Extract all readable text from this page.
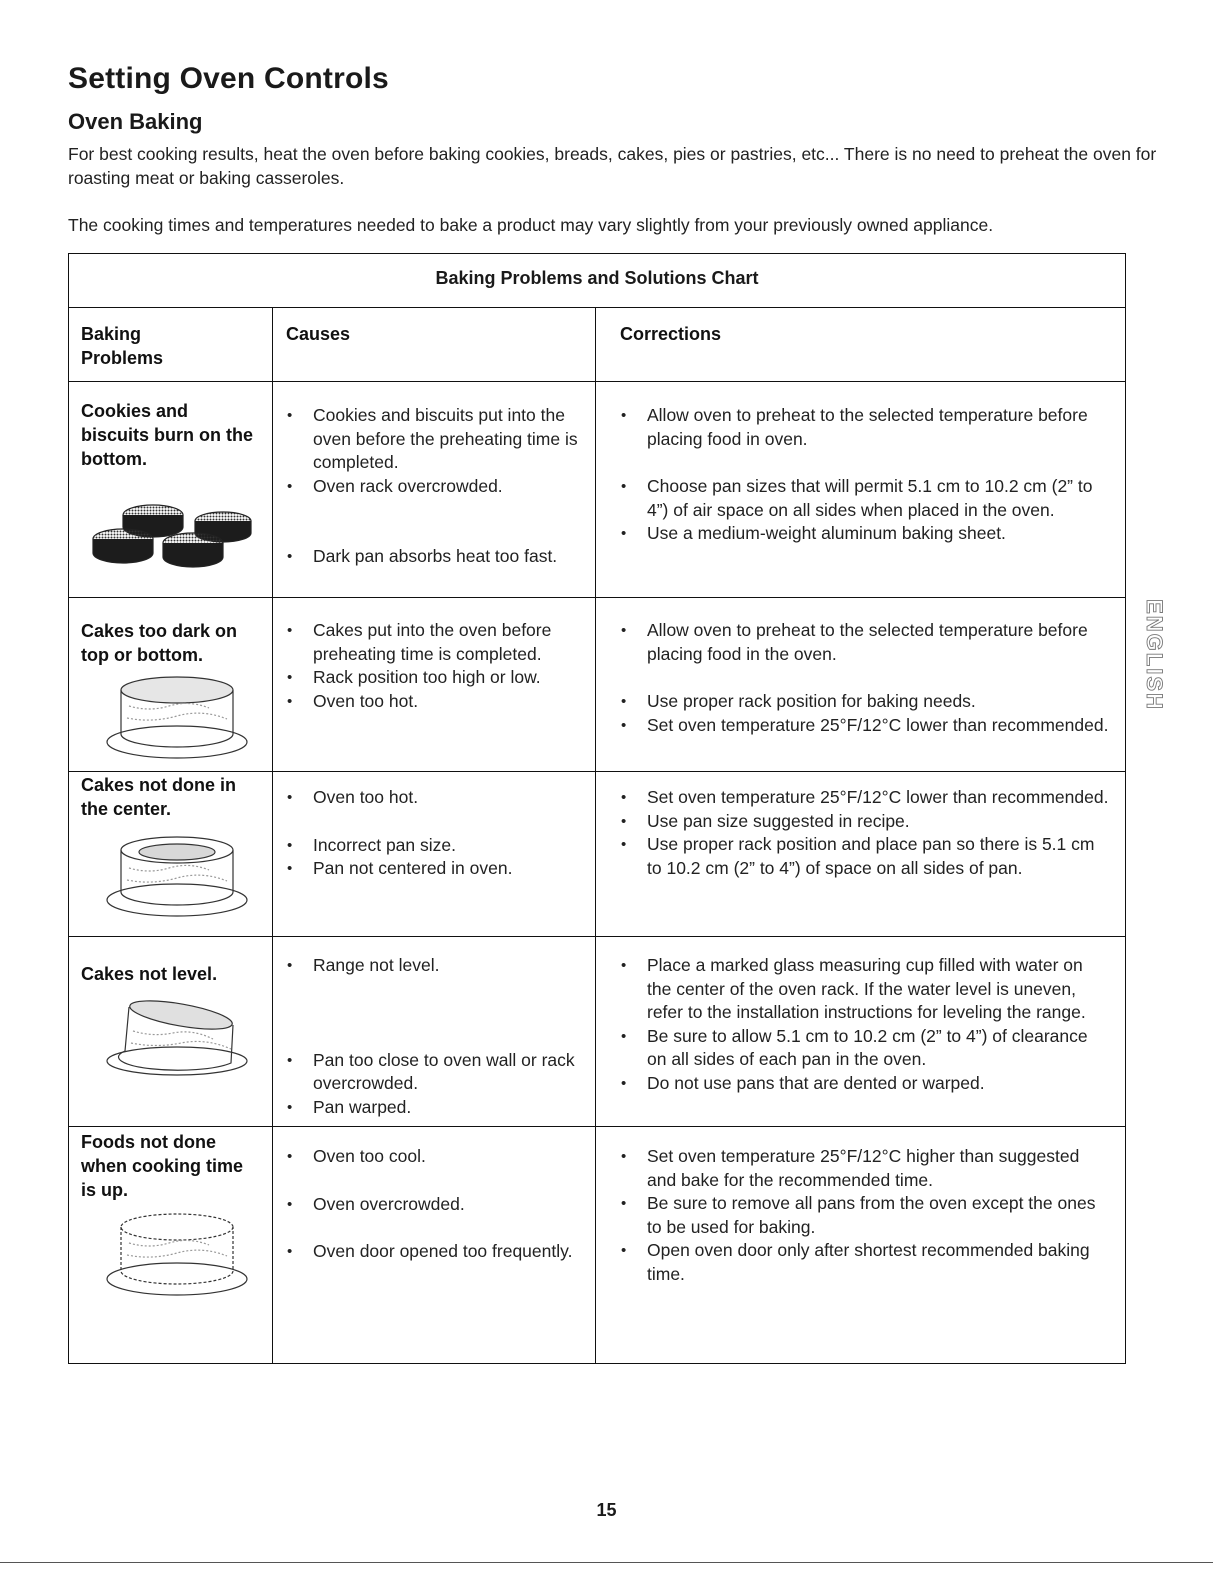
Setting Oven Controls
Oven Baking

For best cooking results, heat the oven before baking cookies, breads, cakes, pies or pastries, etc... There is no need to preheat the oven for roasting meat or baking casseroles.

The cooking times and temperatures needed to bake a product may vary slightly from your previously owned appliance.

Baking Problems and Solutions Chart
Baking Problems
Causes	Corrections
Cookies and biscuits burn on the bottom.
• Cookies and biscuits put into the oven before the preheating time is completed.
• Oven rack overcrowded.
• Dark pan absorbs heat too fast.
• Allow oven to preheat to the selected temperature before placing food in oven.
• Choose pan sizes that will permit 5.1 cm to 10.2 cm (2” to 4”) of air space on all sides when placed in the oven.
• Use a medium-weight aluminum baking sheet.
Cakes too dark on top or bottom.
• Cakes put into the oven before preheating time is completed.
• Rack position too high or low.
• Oven too hot.
• Allow oven to preheat to the selected temperature before placing food in the oven.
• Use proper rack position for baking needs.
• Set oven temperature 25°F/12°C lower than recommended.
Cakes not done in the center.
• Oven too hot.
• Incorrect pan size.
• Pan not centered in oven.
• Set oven temperature 25°F/12°C lower than recommended.
• Use pan size suggested in recipe.
• Use proper rack position and place pan so there is 5.1 cm to 10.2 cm (2” to 4”) of space on all sides of pan.
Cakes not level.
•	Range not level.
• Pan too close to oven wall or rack overcrowded.
• Pan warped.
• Place a marked glass measuring cup filled with water on the center of the oven rack. If the water level is uneven, refer to the installation instructions for leveling the range.
• Be sure to allow 5.1 cm to 10.2 cm (2” to 4”) of clearance on all sides of each pan in the oven.
• Do not use pans that are dented or warped.
Foods not done when cooking time is up.
• Oven too cool.
• Oven overcrowded.
• Oven door opened too frequently.
• Set oven temperature 25°F/12°C higher than suggested and bake for the recommended time.
• Be sure to remove all pans from the oven except the ones to be used for baking.
• Open oven door only after shortest recommended baking time.
ENGLISH
15
